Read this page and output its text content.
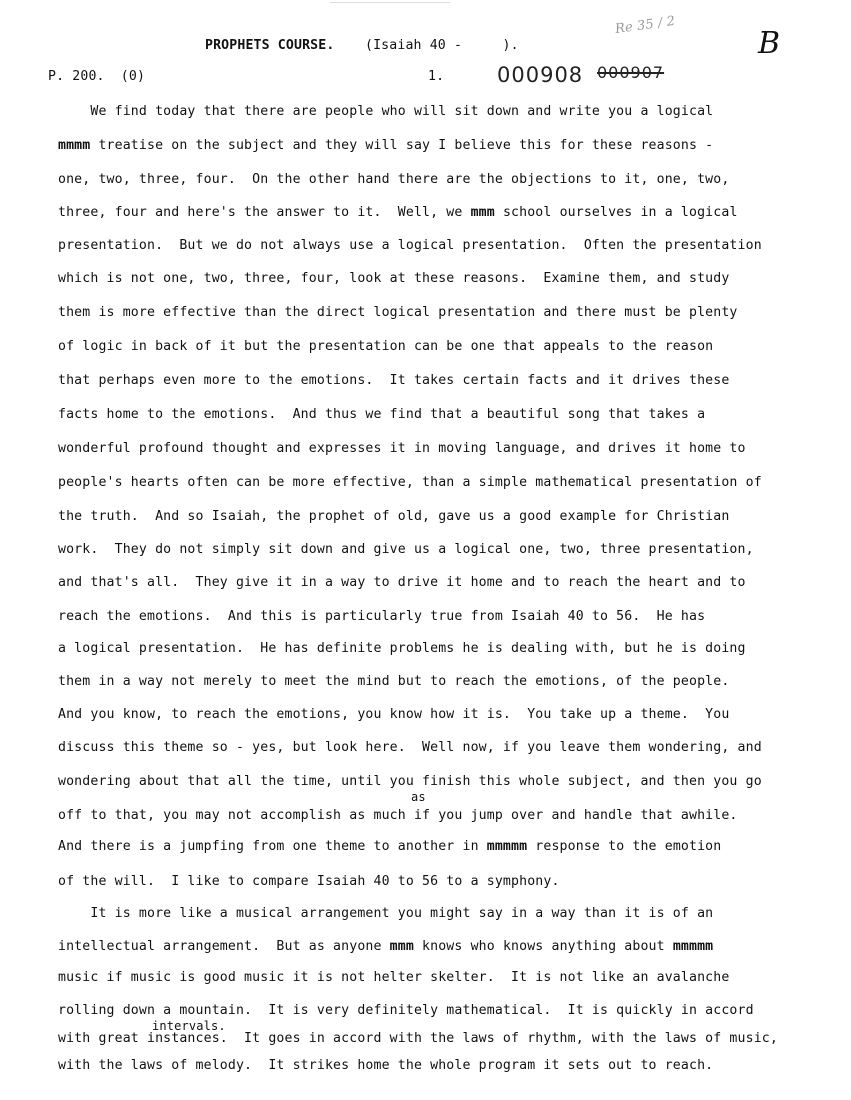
PROPHETS COURSE. (Isaiah 40 -     ).
Re 35 / 2
B
P. 200.  (0)	1.	000908 000907
We find today that there are people who will sit down and write you a logical
mmmm treatise on the subject and they will say I believe this for these reasons -
one, two, three, four.  On the other hand there are the objections to it, one, two,
three, four and here's the answer to it.  Well, we mmm school ourselves in a logical
presentation.  But we do not always use a logical presentation.  Often the presentation
which is not one, two, three, four, look at these reasons.  Examine them, and study
them is more effective than the direct logical presentation and there must be plenty
of logic in back of it but the presentation can be one that appeals to the reason
that perhaps even more to the emotions.  It takes certain facts and it drives these
facts home to the emotions.  And thus we find that a beautiful song that takes a
wonderful profound thought and expresses it in moving language, and drives it home to
people's hearts often can be more effective, than a simple mathematical presentation of
the truth.  And so Isaiah, the prophet of old, gave us a good example for Christian
work.  They do not simply sit down and give us a logical one, two, three presentation,
and that's all.  They give it in a way to drive it home and to reach the heart and to
reach the emotions.  And this is particularly true from Isaiah 40 to 56.  He has
a logical presentation.  He has definite problems he is dealing with, but he is doing
them in a way not merely to meet the mind but to reach the emotions, of the people.
And you know, to reach the emotions, you know how it is.  You take up a theme.  You
discuss this theme so - yes, but look here.  Well now, if you leave them wondering, and
wondering about that all the time, until you finish this whole subject, and then you go
off to that, you may not accomplish as much if you jump over and handle that awhile.
And there is a jumpfing from one theme to another in mmmmm response to the emotion
of the will.  I like to compare Isaiah 40 to 56 to a symphony.
It is more like a musical arrangement you might say in a way than it is of an
intellectual arrangement.  But as anyone mmm knows who knows anything about mmmmm
music if music is good music it is not helter skelter.  It is not like an avalanche
rolling down a mountain.  It is very definitely mathematical.  It is quickly in accord
with great instances.  It goes in accord with the laws of rhythm, with the laws of music,
with the laws of melody.  It strikes home the whole program it sets out to reach.
as
intervals.
